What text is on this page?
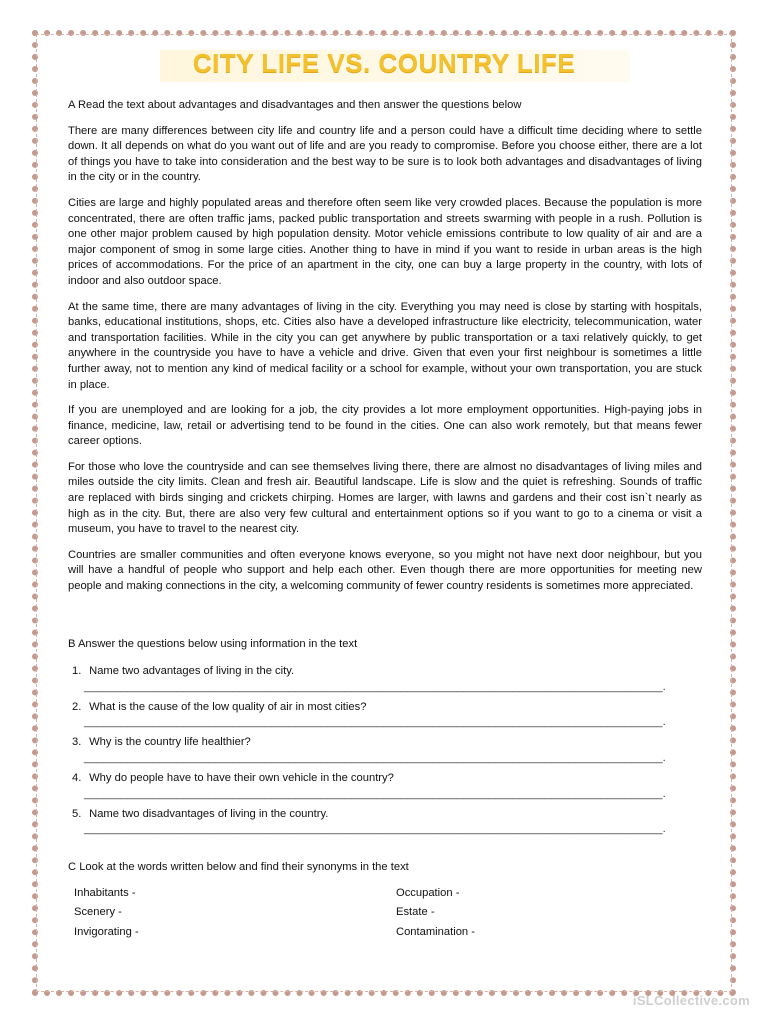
CITY LIFE VS. COUNTRY LIFE
A Read the text about advantages and disadvantages and then answer the questions below

There are many differences between city life and country life and a person could have a difficult time deciding where to settle down. It all depends on what do you want out of life and are you ready to compromise. Before you choose either, there are a lot of things you have to take into consideration and the best way to be sure is to look both advantages and disadvantages of living in the city or in the country.

Cities are large and highly populated areas and therefore often seem like very crowded places. Because the population is more concentrated, there are often traffic jams, packed public transportation and streets swarming with people in a rush. Pollution is one other major problem caused by high population density. Motor vehicle emissions contribute to low quality of air and are a major component of smog in some large cities. Another thing to have in mind if you want to reside in urban areas is the high prices of accommodations. For the price of an apartment in the city, one can buy a large property in the country, with lots of indoor and also outdoor space.

At the same time, there are many advantages of living in the city. Everything you may need is close by starting with hospitals, banks, educational institutions, shops, etc. Cities also have a developed infrastructure like electricity, telecommunication, water and transportation facilities. While in the city you can get anywhere by public transportation or a taxi relatively quickly, to get anywhere in the countryside you have to have a vehicle and drive. Given that even your first neighbour is sometimes a little further away, not to mention any kind of medical facility or a school for example, without your own transportation, you are stuck in place.

If you are unemployed and are looking for a job, the city provides a lot more employment opportunities. High-paying jobs in finance, medicine, law, retail or advertising tend to be found in the cities. One can also work remotely, but that means fewer career options.

For those who love the countryside and can see themselves living there, there are almost no disadvantages of living miles and miles outside the city limits. Clean and fresh air. Beautiful landscape. Life is slow and the quiet is refreshing. Sounds of traffic are replaced with birds singing and crickets chirping. Homes are larger, with lawns and gardens and their cost isn`t nearly as high as in the city. But, there are also very few cultural and entertainment options so if you want to go to a cinema or visit a museum, you have to travel to the nearest city.

Countries are smaller communities and often everyone knows everyone, so you might not have next door neighbour, but you will have a handful of people who support and help each other. Even though there are more opportunities for meeting new people and making connections in the city, a welcoming community of fewer country residents is sometimes more appreciated.

B Answer the questions below using information in the text
1. Name two advantages of living in the city.
_____________________________________________________________________________________________.
2. What is the cause of the low quality of air in most cities?
_____________________________________________________________________________________________.
3. Why is the country life healthier?
_____________________________________________________________________________________________.
4. Why do people have to have their own vehicle in the country?
_____________________________________________________________________________________________.
5. Name two disadvantages of living in the country.
_____________________________________________________________________________________________.
C Look at the words written below and find their synonyms in the text
Inhabitants -	Occupation -
Scenery -	Estate -
Invigorating -	Contamination -
iSLCollective.com
